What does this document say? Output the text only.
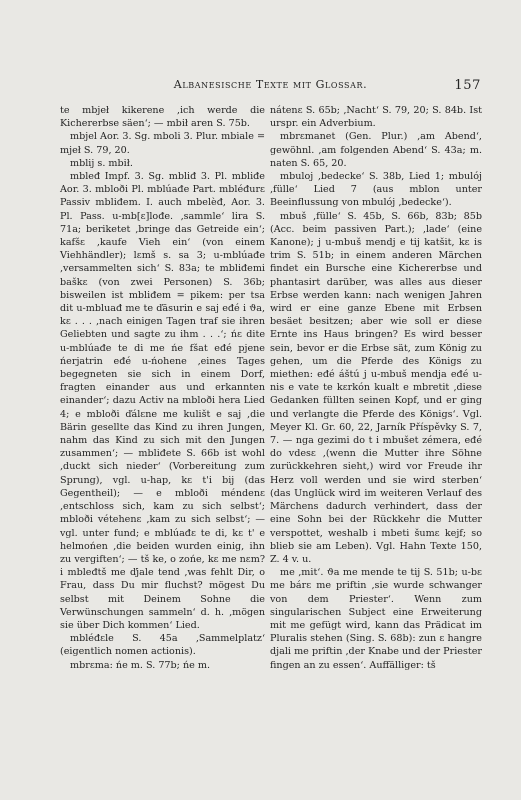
Albanesische Texte mit Glossar.	157

te mbjeł kikerene ‚ich werde die Kichererbse säen‘; — mbił aren S. 75b.

mbjel Aor. 3. Sg. mboli 3. Plur. mbiale = mjeł S. 79, 20.

mblij s. mbił.

mbleđ Impf. 3. Sg. mbliđ 3. Pl. mbliđe Aor. 3. mbloði Pl. mblúađe Part. mbléđurε Passiv mbliđem. I. auch mbelèđ, Aor. 3. Pl. Pass. u-mb[ε]lođe. ‚sammle‘ lira S. 71a; beriketet ‚bringe das Getreide ein‘; kafšε ‚kaufe Vieh ein‘ (von einem Viehhändler); lεmš s. sa 3; u-mblúađe ‚versammelten sich‘ S. 83a; te mbliđemi baškε (von zwei Personen) S. 36b; bisweilen ist mbliđem = pikem: per tsa dit u-mbluađ me te ďāsurin e saj eđé i ϑa, kε . . . ‚nach einigen Tagen traf sie ihren Geliebten und sagte zu ihm . . .‘; ńε dite u-mblúađe te di me ńe fšat eđé pjene ńerjatrin eđé u-ńohene ‚eines Tages begegneten sie sich in einem Dorf, fragten einander aus und erkannten einander‘; dazu Activ na mbloði hera Lied 4; e mbloði ďálεne me kulišt e saj ‚die Bärin gesellte das Kind zu ihren Jungen, nahm das Kind zu sich mit den Jungen zusammen‘; — mbliđete S. 66b ist wohl ‚duckt sich nieder‘ (Vorbereitung zum Sprung), vgl. u-hap, kε t'i bij (das Gegentheil); — e mbloði méndenε ‚entschloss sich, kam zu sich selbst‘; mbloði vétehenε ‚kam zu sich selbst‘; — vgl. unter fund; e mblúađε te di, kε t' e helmońen ‚die beiden wurden einig, ihn zu vergiften‘; — tš ke, o zońe, kε me nεm? i mbleđtš me ďjale tend ‚was fehlt Dir, o Frau, dass Du mir fluchst? mögest Du selbst mit Deinem Sohne die Verwünschungen sammeln‘ d. h. ‚mögen sie über Dich kommen‘ Lied.

mbléđεle S. 45a ‚Sammelplatz‘ (eigentlich nomen actionis).

mbrεma: ńe m. S. 77b; ńe m.

nátenε S. 65b; ‚Nacht‘ S. 79, 20; S. 84b. Ist urspr. ein Adverbium.

mbrεmanet (Gen. Plur.) ‚am Abend‘, gewöhnl. ‚am folgenden Abend‘ S. 43a; m. naten S. 65, 20.

mbuloj ‚bedecke‘ S. 38b, Lied 1; mbulój ‚fülle‘ Lied 7 (aus mblon unter Beeinflussung von mbulój ‚bedecke‘).

mbuš ‚fülle‘ S. 45b, S. 66b, 83b; 85b (Acc. beim passiven Part.); ‚lade‘ (eine Kanone); j u-mbuš mendj e tij katšit, kε is trim S. 51b; in einem anderen Märchen findet ein Bursche eine Kichererbse und phantasirt darüber, was alles aus dieser Erbse werden kann: nach wenigen Jahren wird er eine ganze Ebene mit Erbsen besäet besitzen; aber wie soll er diese Ernte ins Haus bringen? Es wird besser sein, bevor er die Erbse sät, zum König zu gehen, um die Pferde des Königs zu miethen: eđé áštú j u-mbuš mendja eđé u-nis e vate te kεrkón kualt e mbretit ‚diese Gedanken füllten seinen Kopf, und er ging und verlangte die Pferde des Königs‘. Vgl. Meyer Kl. Gr. 60, 22, Jarník Příspěvky S. 7, 7. — nga gezimi do t i mbušet zémera, eđé do vdesε ‚(wenn die Mutter ihre Söhne zurückkehren sieht,) wird vor Freude ihr Herz voll werden und sie wird sterben‘ (das Unglück wird im weiteren Verlauf des Märchens dadurch verhindert, dass der eine Sohn bei der Rückkehr die Mutter verspottet, weshalb i mbeti šumε kejf; so blieb sie am Leben). Vgl. Hahn Texte 150, Z. 4 v. u.

me ‚mit‘. ϑa me mende te tij S. 51b; u-bε me bárε me priftin ‚sie wurde schwanger von dem Priester‘. Wenn zum singularischen Subject eine Erweiterung mit me gefügt wird, kann das Prädicat im Pluralis stehen (Sing. S. 68b): zun ε hangre djali me priftin ‚der Knabe und der Priester fingen an zu essen‘. Auffälliger: tš
